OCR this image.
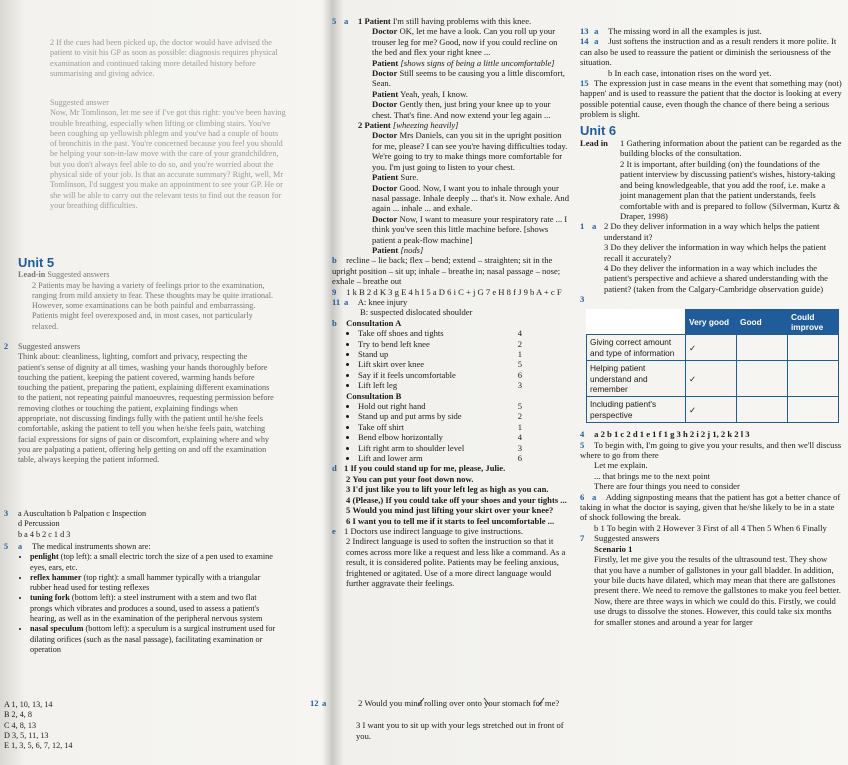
2 If the cues had been picked up, the doctor would have advised the patient to visit his GP as soon as possible: diagnosis requires physical examination and continued taking more detailed history before summarising and giving advice.
Suggested answer
Now, Mr Tomlinson, let me see if I've got this right: you've been having trouble breathing, especially when lifting or climbing stairs. You've been coughing up yellowish phlegm and you've had a couple of bouts of bronchitis in the past. You're concerned because you feel you should be helping your son-in-law move with the care of your grandchildren, but you don't always feel able to do so, and you're worried about the physical side of your job. Is that an accurate summary? Right, well, Mr Tomlinson, I'd suggest you make an appointment to see your GP. He or she will be able to carry out the relevant tests to find out the reason for your breathing difficulties.
Unit 5
Lead-in Suggested answers
2 Patients may be having a variety of feelings prior to the examination, ranging from mild anxiety to fear. These thoughts may be quite irrational. However, some examinations can be both painful and embarrassing. Patients might feel overexposed and, in most cases, not particularly relaxed.
2 Suggested answers
Think about: cleanliness, lighting, comfort and privacy, respecting the patient's sense of dignity at all times, washing your hands thoroughly before touching the patient, keeping the patient covered, warming hands before touching the patient, preparing the patient, explaining different examinations to the patient, not repeating painful manoeuvres, requesting permission before removing clothes or touching the patient, explaining findings when appropriate, not discussing findings fully with the patient until he/she feels comfortable, asking the patient to tell you when he/she feels pain, watching facial expressions for signs of pain or discomfort, explaining where and why you are palpating a patient, offering help getting on and off the examination table, always keeping the patient informed.
3 a Auscultation b Palpation c Inspection
d Percussion
b a 4 b 2 c 1 d 3
5 a The medical instruments shown are:
• penlight (top left): a small electric torch the size of a pen used to examine eyes, ears, etc.
• reflex hammer (top right): a small hammer typically with a triangular rubber head used for testing reflexes
• tuning fork (bottom left): a steel instrument with a stem and two flat prongs which vibrates and produces a sound, used to assess a patient's hearing, as well as in the examination of the peripheral nervous system
• nasal speculum (bottom left): a speculum is a surgical instrument used for dilating orifices (such as the nasal passage), facilitating examination or operation
A 1, 10, 13, 14
B 2, 4, 8
C 4, 8, 13
D 3, 5, 11, 13
E 1, 3, 5, 6, 7, 12, 14
5 a	1 Patient I'm still having problems with this knee.
Doctor OK, let me have a look. Can you roll up your trouser leg for me? Good, now if you could recline on the bed and flex your right knee ...
Patient [shows signs of being a little uncomfortable]
Doctor Still seems to be causing you a little discomfort, Sean.
Patient Yeah, yeah, I know.
Doctor Gently then, just bring your knee up to your chest. That's fine. And now extend your leg again ...
2 Patient [wheezing heavily]
Doctor Mrs Daniels, can you sit in the upright position for me, please? I can see you're having difficulties today. We're going to try to make things more comfortable for you. I'm just going to listen to your chest.
Patient Sure.
Doctor Good. Now, I want you to inhale through your nasal passage. Inhale deeply ... that's it. Now exhale. And again ... inhale ... and exhale.
Doctor Now, I want to measure your respiratory rate ... I think you've seen this little machine before. [shows patient a peak-flow machine]
Patient [nods]
b recline – lie back; flex – bend; extend – straighten; sit in the upright position – sit up; inhale – breathe in; nasal passage – nose; exhale – breathe out
9 1 k B 2 d K 3 g E 4 h I 5 a D 6 i C + j G 7 e H 8 f J 9 b A + c F
11 a A: knee injury
B: suspected dislocated shoulder
b Consultation A
• Take off shoes and tights	4
• Try to bend left knee	2
• Stand up	1
• Lift skirt over knee	5
• Say if it feels uncomfortable	6
• Lift left leg	3
Consultation B
• Hold out right hand	5
• Stand up and put arms by side	2
• Take off shirt	1
• Bend elbow horizontally	4
• Lift right arm to shoulder level	3
• Lift and lower arm	6
d 1 If you could stand up for me, please, Julie.
2 You can put your foot down now.
3 I'd just like you to lift your left leg as high as you can.
4 (Please,) If you could take off your shoes and your tights ...
5 Would you mind just lifting your skirt over your knee?
6 I want you to tell me if it starts to feel uncomfortable ...
e 1 Doctors use indirect language to give instructions.
2 Indirect language is used to soften the instruction so that it comes across more like a request and less like a command. As a result, it is considered polite. Patients may be feeling anxious, frightened or agitated. Use of a more direct language would further aggravate their feelings.
12 a	2 Would you mind rolling over onto your stomach for me?
3 I want you to sit up with your legs stretched out in front of you.
13 a The missing word in all the examples is just.
14 a Just softens the instruction and as a result renders it more polite. It can also be used to reassure the patient or diminish the seriousness of the situation.
b In each case, intonation rises on the word yet.
15 The expression just in case means in the event that something may (not) happen' and is used to reassure the patient that the doctor is looking at every possible potential cause, even though the chance of there being a serious problem is slight.
Unit 6
Lead in	1 Gathering information about the patient can be regarded as the building blocks of the consultation.
2 It is important, after building (on) the foundations of the patient interview by discussing patient's wishes, history-taking and being knowledgeable, that you add the roof, i.e. make a joint management plan that the patient understands, feels comfortable with and is prepared to follow (Silverman, Kurtz & Draper, 1998)
1 a 2 Do they deliver information in a way which helps the patient understand it?
3 Do they deliver the information in way which helps the patient recall it accurately?
4 Do they deliver the information in a way which includes the patient's perspective and achieve a shared understanding with the patient? (taken from the Calgary-Cambridge observation guide)
3
	Very good	Good	Could improve
Giving correct amount and type of information	✓		
Helping patient understand and remember	✓		
Including patient's perspective	✓		
4 a 2 b 1 c 2 d 1 e 1 f 1 g 3 h 2 i 2 j 1, 2 k 2 l 3
5 To begin with, I'm going to give you your results, and then we'll discuss where to go from there
Let me explain.
... that brings me to the next point
There are four things you need to consider
6 a Adding signposting means that the patient has got a better chance of taking in what the doctor is saying, given that he/she likely to be in a state of shock following the break.
b 1 To begin with 2 However 3 First of all 4 Then 5 When 6 Finally
7 Suggested answers
Scenario 1
Firstly, let me give you the results of the ultrasound test. They show that you have a number of gallstones in your gall bladder. In addition, your bile ducts have dilated, which may mean that there are gallstones present there. We need to remove the gallstones to make you feel better. Now, there are three ways in which we could do this. Firstly, we could use drugs to dissolve the stones. However, this could take six months for smaller stones and around a year for larger
